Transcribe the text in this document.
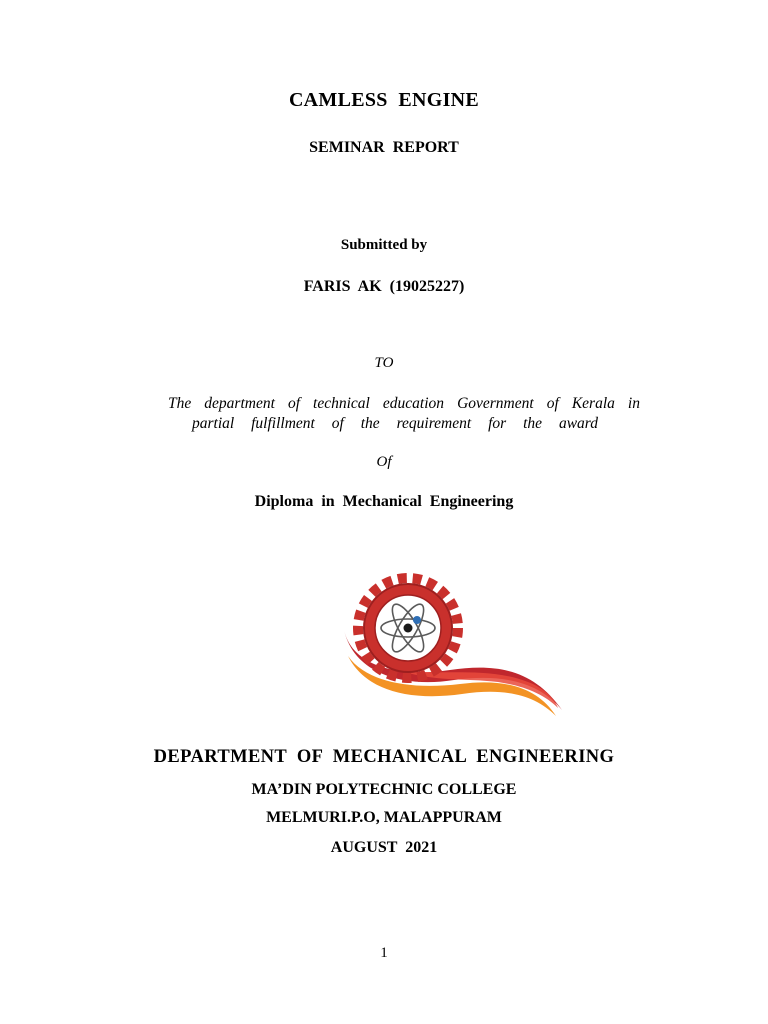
CAMLESS  ENGINE
SEMINAR  REPORT
Submitted by
FARIS  AK  (19025227)
TO
The department of technical education Government of Kerala in
partial fulfillment of the requirement for the award
Of
Diploma  in  Mechanical  Engineering
DEPARTMENT  OF  MECHANICAL  ENGINEERING
MA’DIN POLYTECHNIC COLLEGE
MELMURI.P.O, MALAPPURAM
AUGUST  2021
1
